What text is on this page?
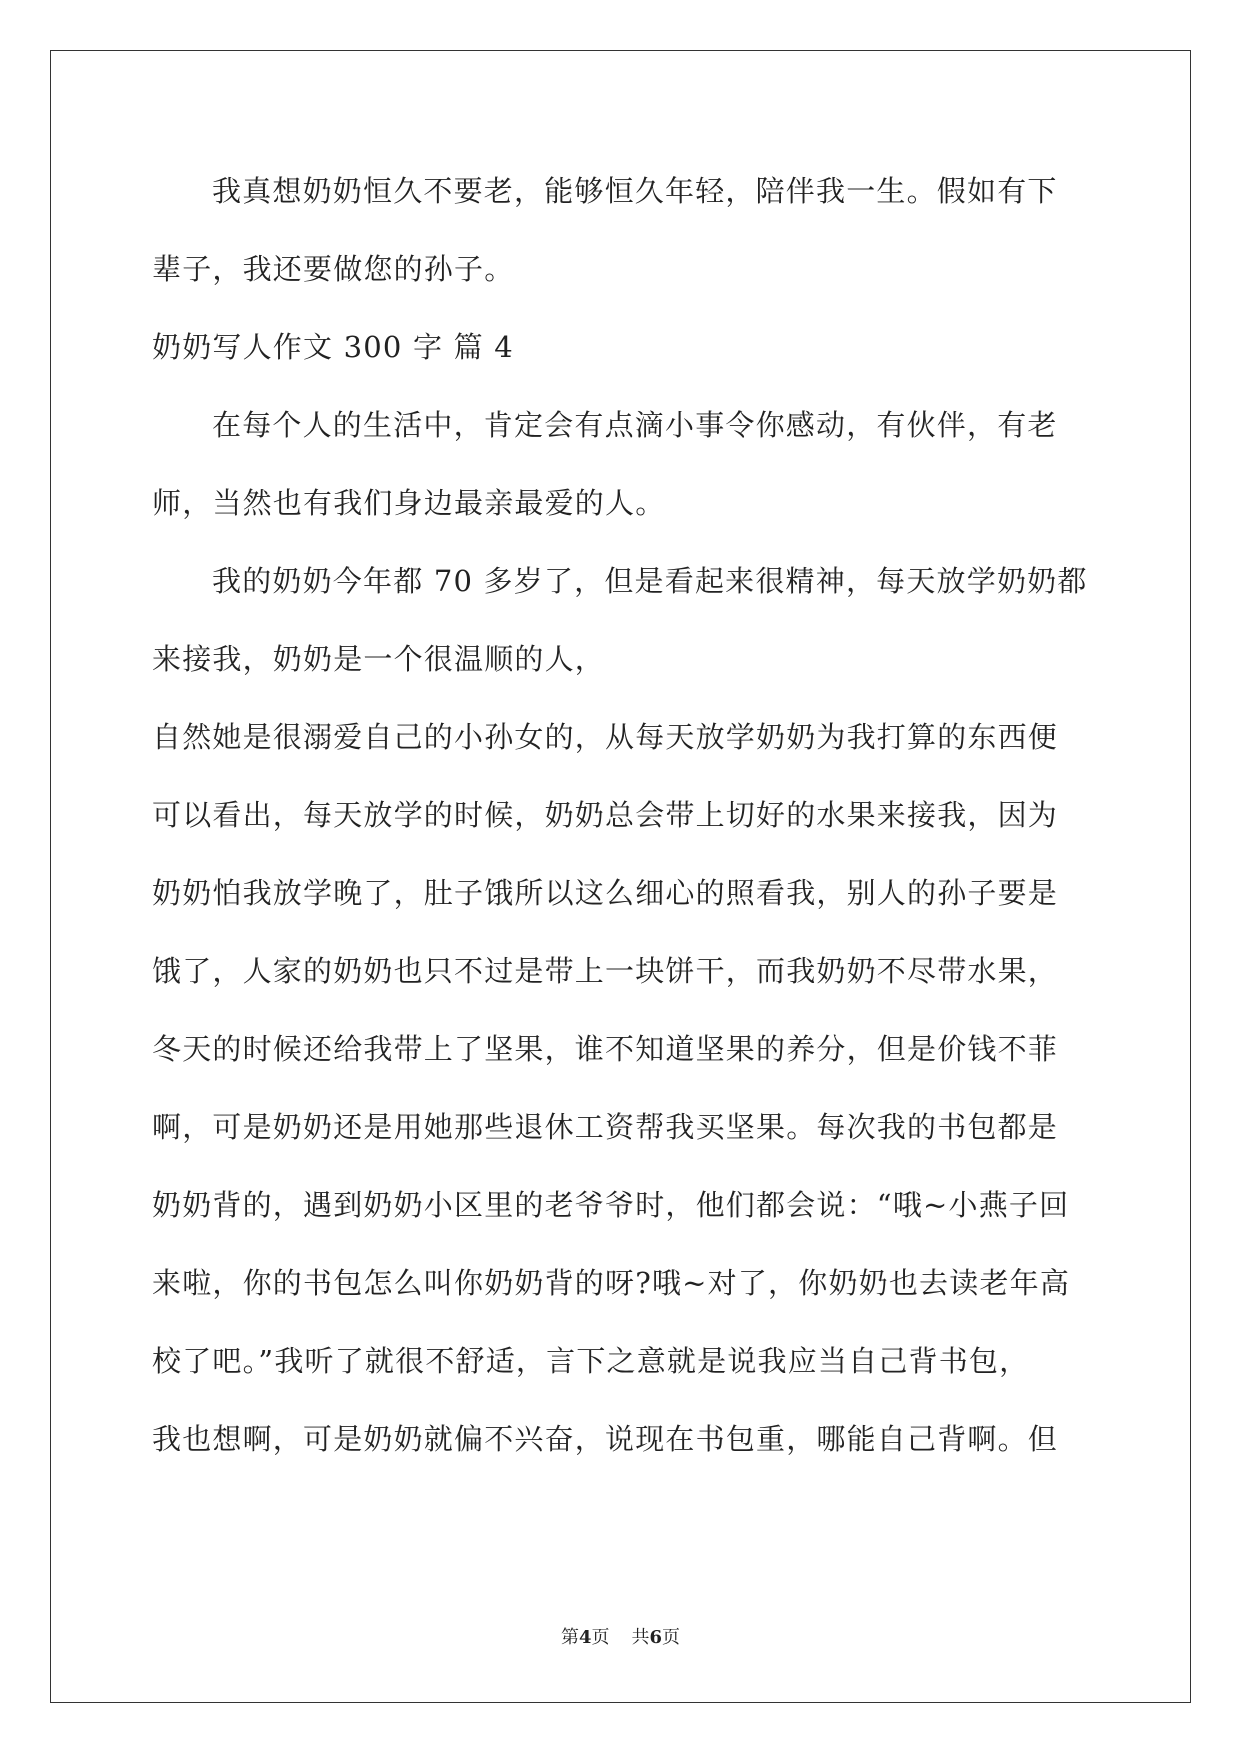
我真想奶奶恒久不要老，能够恒久年轻，陪伴我一生。假如有下
辈子，我还要做您的孙子。
奶奶写人作文 300 字 篇 4
在每个人的生活中，肯定会有点滴小事令你感动，有伙伴，有老
师，当然也有我们身边最亲最爱的人。
我的奶奶今年都 70 多岁了，但是看起来很精神，每天放学奶奶都
来接我，奶奶是一个很温顺的人，
自然她是很溺爱自己的小孙女的，从每天放学奶奶为我打算的东西便
可以看出，每天放学的时候，奶奶总会带上切好的水果来接我，因为
奶奶怕我放学晚了，肚子饿所以这么细心的照看我，别人的孙子要是
饿了，人家的奶奶也只不过是带上一块饼干，而我奶奶不尽带水果，
冬天的时候还给我带上了坚果，谁不知道坚果的养分，但是价钱不菲
啊，可是奶奶还是用她那些退休工资帮我买坚果。每次我的书包都是
奶奶背的，遇到奶奶小区里的老爷爷时，他们都会说：“哦~小燕子回
来啦，你的书包怎么叫你奶奶背的呀?哦~对了，你奶奶也去读老年高
校了吧。”我听了就很不舒适，言下之意就是说我应当自己背书包，
我也想啊，可是奶奶就偏不兴奋，说现在书包重，哪能自己背啊。但
第4页 共6页
